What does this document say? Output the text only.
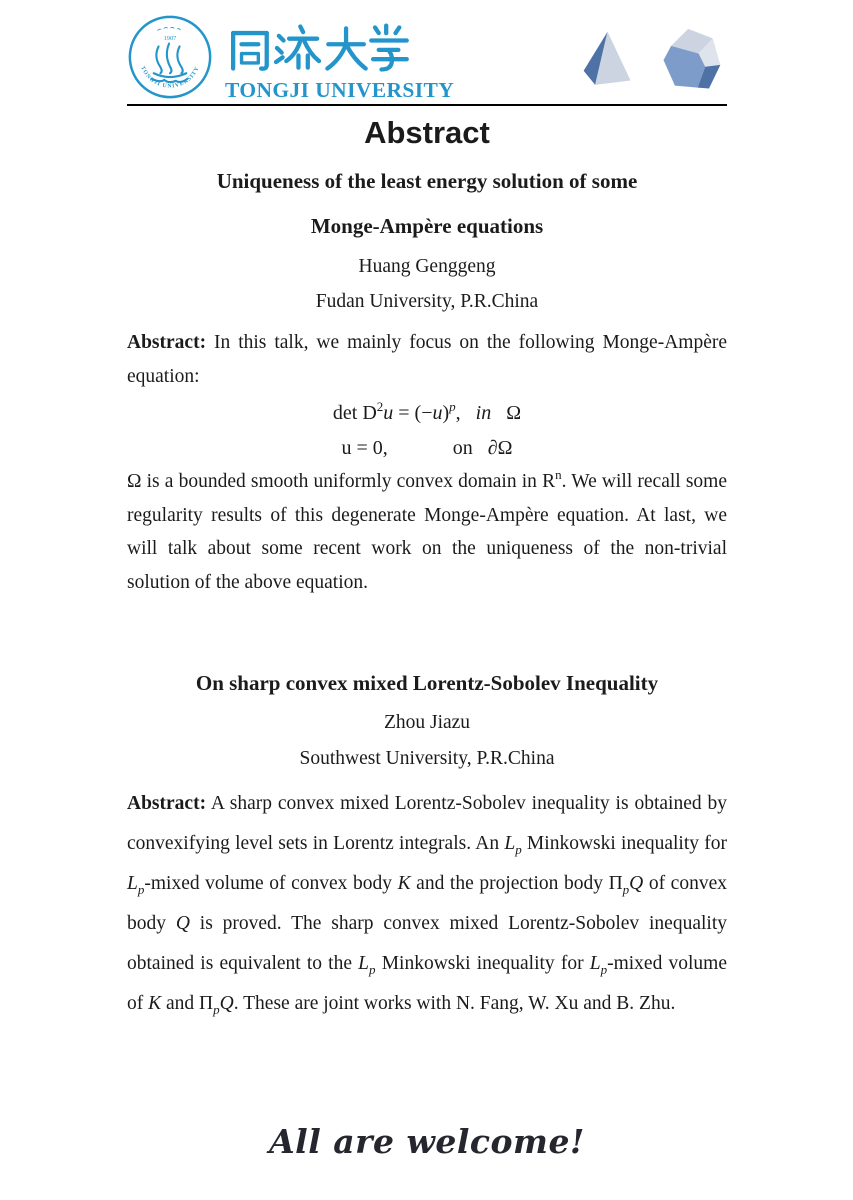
TONGJI UNIVERSITY
⌢⌢⌢⌢
1907
TONGJI UNIVERSITY
Abstract
Uniqueness of the least energy solution of some
Monge-Ampère equations
Huang Genggeng
Fudan University, P.R.China

Abstract: In this talk, we mainly focus on the following Monge-Ampère equation:

$\det D^2u = (-u)^p$,   in   Ω
u = 0,             on   ∂Ω

Ω is a bounded smooth uniformly convex domain in $R^n$. We will recall some regularity results of this degenerate Monge-Ampère equation. At last, we will talk about some recent work on the uniqueness of the non-trivial solution of the above equation.

On sharp convex mixed Lorentz-Sobolev Inequality
Zhou Jiazu
Southwest University, P.R.China

Abstract: A sharp convex mixed Lorentz-Sobolev inequality is obtained by convexifying level sets in Lorentz integrals. An $L_p$ Minkowski inequality for $L_p$-mixed volume of convex body K and the projection body $\Pi_pQ$ of convex body Q is proved. The sharp convex mixed Lorentz-Sobolev inequality obtained is equivalent to the $L_p$ Minkowski inequality for $L_p$-mixed volume of K and $\Pi_pQ$. These are joint works with N. Fang, W. Xu and B. Zhu.

All are welcome!
